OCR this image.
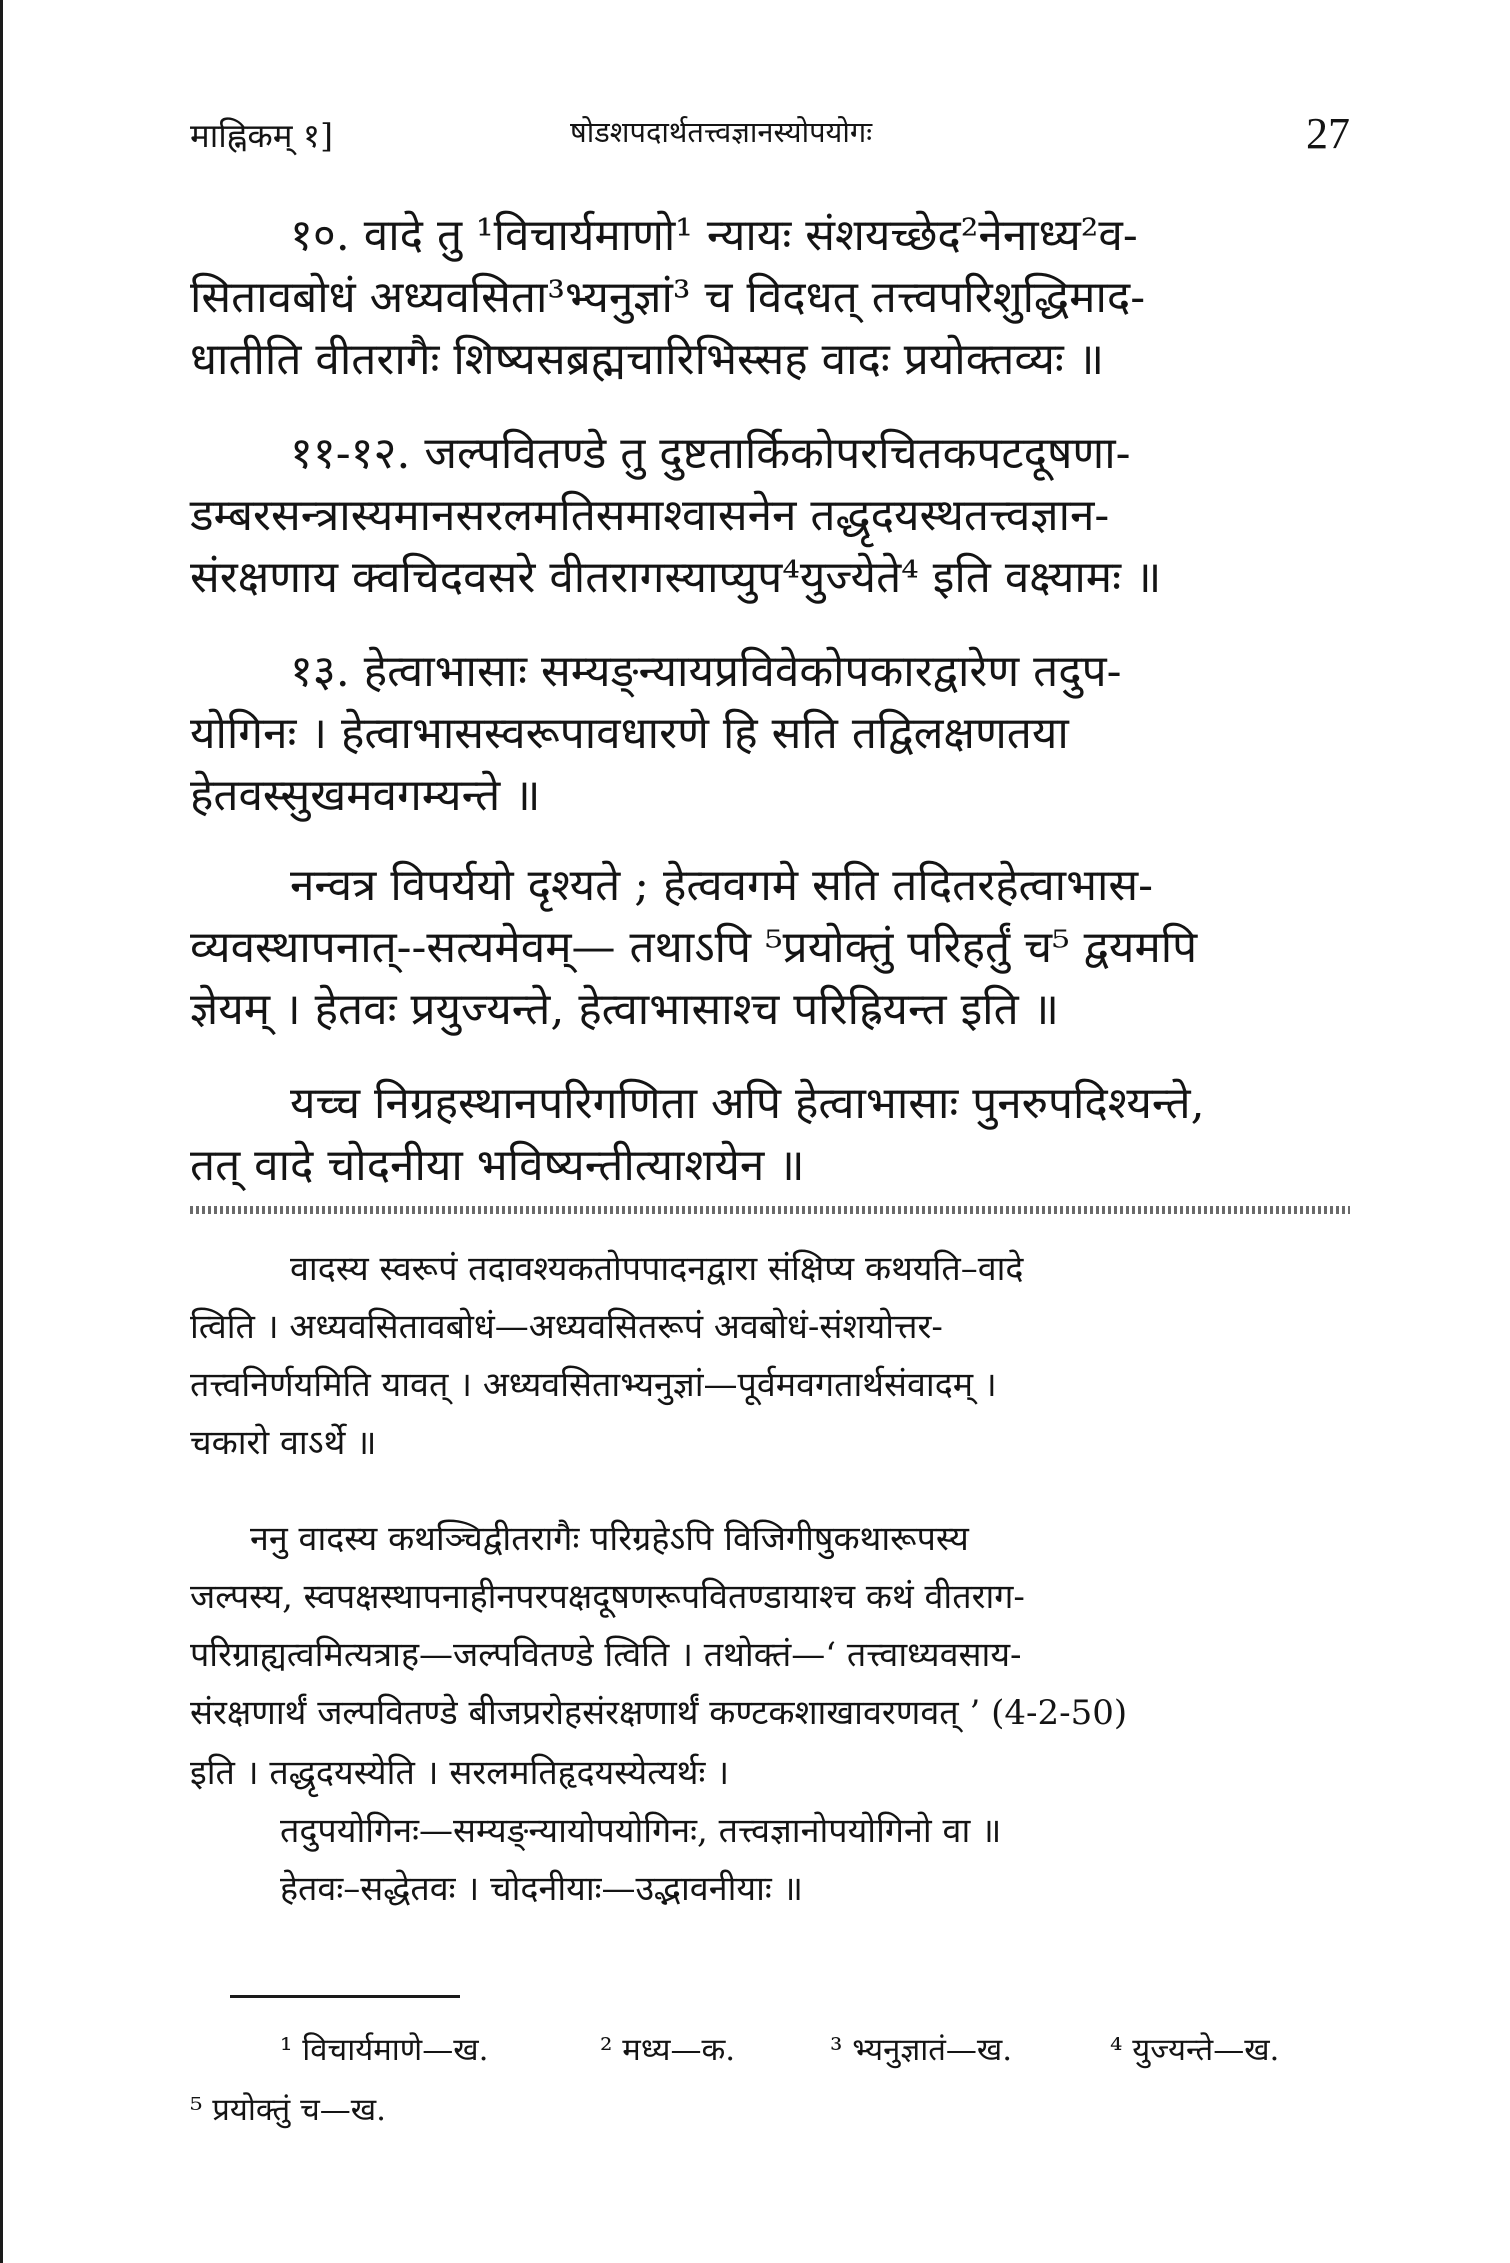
माह्निकम् १]	षोडशपदार्थतत्त्वज्ञानस्योपयोगः	27
१०. वादे तु ¹विचार्यमाणो¹ न्यायः संशयच्छेद²नेनाध्य²व-
सितावबोधं अध्यवसिता³भ्यनुज्ञां³ च विदधत् तत्त्वपरिशुद्धिमाद-
धातीति वीतरागैः शिष्यसब्रह्मचारिभिस्सह वादः प्रयोक्तव्यः ॥
११-१२. जल्पवितण्डे तु दुष्टतार्किकोपरचितकपटदूषणा-
डम्बरसन्त्रास्यमानसरलमतिसमाश्वासनेन तद्धृदयस्थतत्त्वज्ञान-
संरक्षणाय क्वचिदवसरे वीतरागस्याप्युप⁴युज्येते⁴ इति वक्ष्यामः ॥
१३. हेत्वाभासाः सम्यङ्न्यायप्रविवेकोपकारद्वारेण तदुप-
योगिनः । हेत्वाभासस्वरूपावधारणे हि सति तद्विलक्षणतया
हेतवस्सुखमवगम्यन्ते ॥
नन्वत्र विपर्ययो दृश्यते ; हेत्ववगमे सति तदितरहेत्वाभास-
व्यवस्थापनात्--सत्यमेवम्— तथाऽपि ⁵प्रयोक्तुं परिहर्तुं च⁵ द्वयमपि
ज्ञेयम् । हेतवः प्रयुज्यन्ते, हेत्वाभासाश्च परिह्रियन्त इति ॥
यच्च निग्रहस्थानपरिगणिता अपि हेत्वाभासाः पुनरुपदिश्यन्ते,
तत् वादे चोदनीया भविष्यन्तीत्याशयेन ॥
वादस्य स्वरूपं तदावश्यकतोपपादनद्वारा संक्षिप्य कथयति–वादे
त्विति । अध्यवसितावबोधं—अध्यवसितरूपं अवबोधं-संशयोत्तर-
तत्त्वनिर्णयमिति यावत् । अध्यवसिताभ्यनुज्ञां—पूर्वमवगतार्थसंवादम् ।
चकारो वाऽर्थे ॥
ननु वादस्य कथञ्चिद्वीतरागैः परिग्रहेऽपि विजिगीषुकथारूपस्य
जल्पस्य, स्वपक्षस्थापनाहीनपरपक्षदूषणरूपवितण्डायाश्च कथं वीतराग-
परिग्राह्यत्वमित्यत्राह—जल्पवितण्डे त्विति । तथोक्तं—‘ तत्त्वाध्यवसाय-
संरक्षणार्थं जल्पवितण्डे बीजप्ररोहसंरक्षणार्थं कण्टकशाखावरणवत् ’ (4-2-50)
इति । तद्धृदयस्येति । सरलमतिहृदयस्येत्यर्थः ।
तदुपयोगिनः—सम्यङ्न्यायोपयोगिनः, तत्त्वज्ञानोपयोगिनो वा ॥
हेतवः–सद्धेतवः । चोदनीयाः—उद्भावनीयाः ॥
¹ विचार्यमाणे—ख.	² मध्य—क.	³ भ्यनुज्ञातं—ख.	⁴ युज्यन्ते—ख.
⁵ प्रयोक्तुं च—ख.
